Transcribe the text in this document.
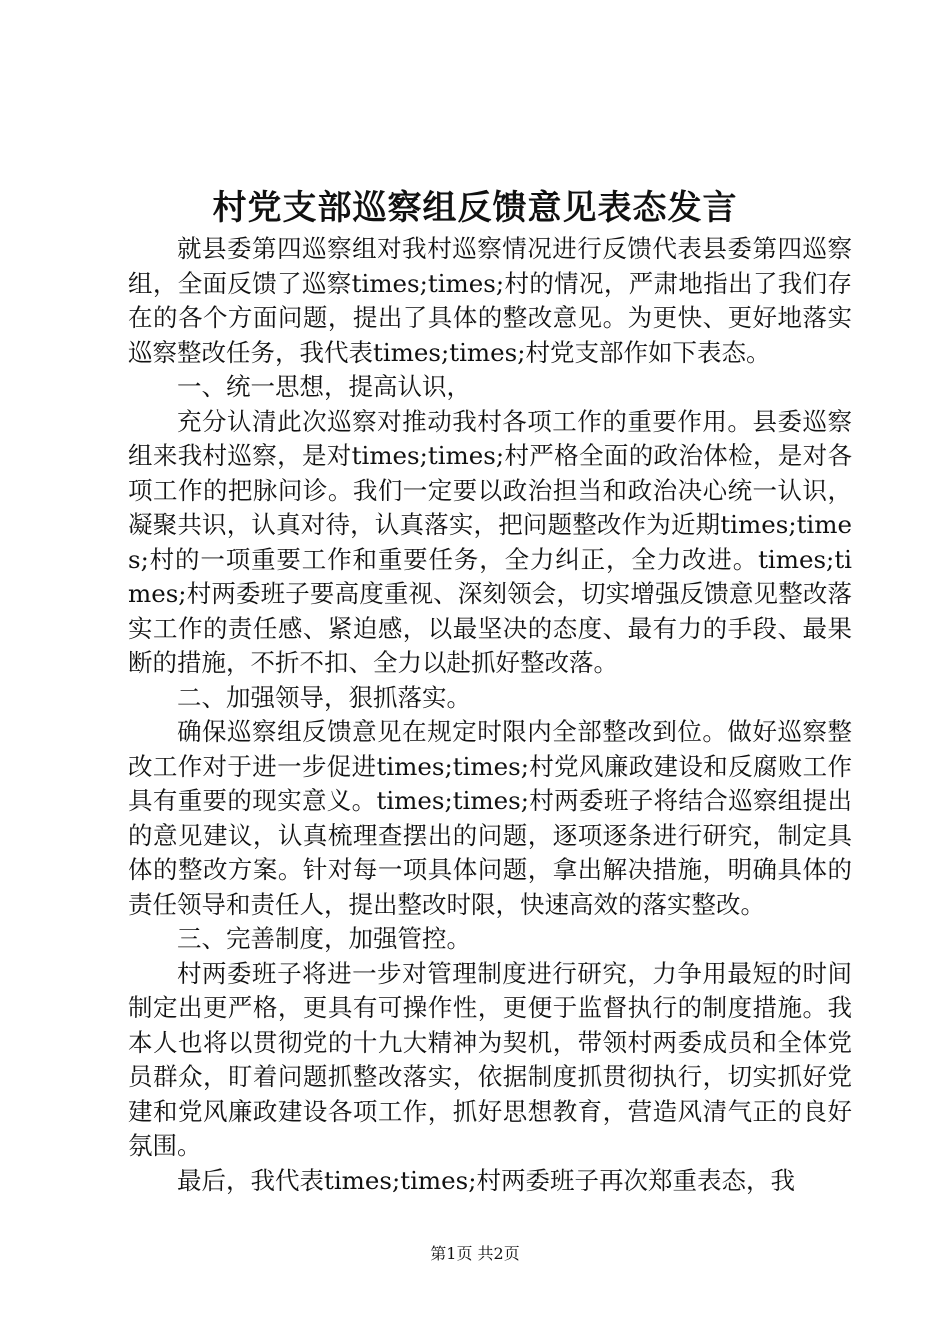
村党支部巡察组反馈意见表态发言

就县委第四巡察组对我村巡察情况进行反馈代表县委第四巡察组，全面反馈了巡察times;times;村的情况，严肃地指出了我们存在的各个方面问题，提出了具体的整改意见。为更快、更好地落实巡察整改任务，我代表times;times;村党支部作如下表态。

一、统一思想，提高认识，

充分认清此次巡察对推动我村各项工作的重要作用。县委巡察组来我村巡察，是对times;times;村严格全面的政治体检，是对各项工作的把脉问诊。我们一定要以政治担当和政治决心统一认识，凝聚共识，认真对待，认真落实，把问题整改作为近期times;times;村的一项重要工作和重要任务，全力纠正，全力改进。times;times;村两委班子要高度重视、深刻领会，切实增强反馈意见整改落实工作的责任感、紧迫感，以最坚决的态度、最有力的手段、最果断的措施，不折不扣、全力以赴抓好整改落。

二、加强领导，狠抓落实。

确保巡察组反馈意见在规定时限内全部整改到位。做好巡察整改工作对于进一步促进times;times;村党风廉政建设和反腐败工作具有重要的现实意义。times;times;村两委班子将结合巡察组提出的意见建议，认真梳理查摆出的问题，逐项逐条进行研究，制定具体的整改方案。针对每一项具体问题，拿出解决措施，明确具体的责任领导和责任人，提出整改时限，快速高效的落实整改。

三、完善制度，加强管控。

村两委班子将进一步对管理制度进行研究，力争用最短的时间制定出更严格，更具有可操作性，更便于监督执行的制度措施。我本人也将以贯彻党的十九大精神为契机，带领村两委成员和全体党员群众，盯着问题抓整改落实，依据制度抓贯彻执行，切实抓好党建和党风廉政建设各项工作，抓好思想教育，营造风清气正的良好氛围。

最后，我代表times;times;村两委班子再次郑重表态，我

第1页 共2页
